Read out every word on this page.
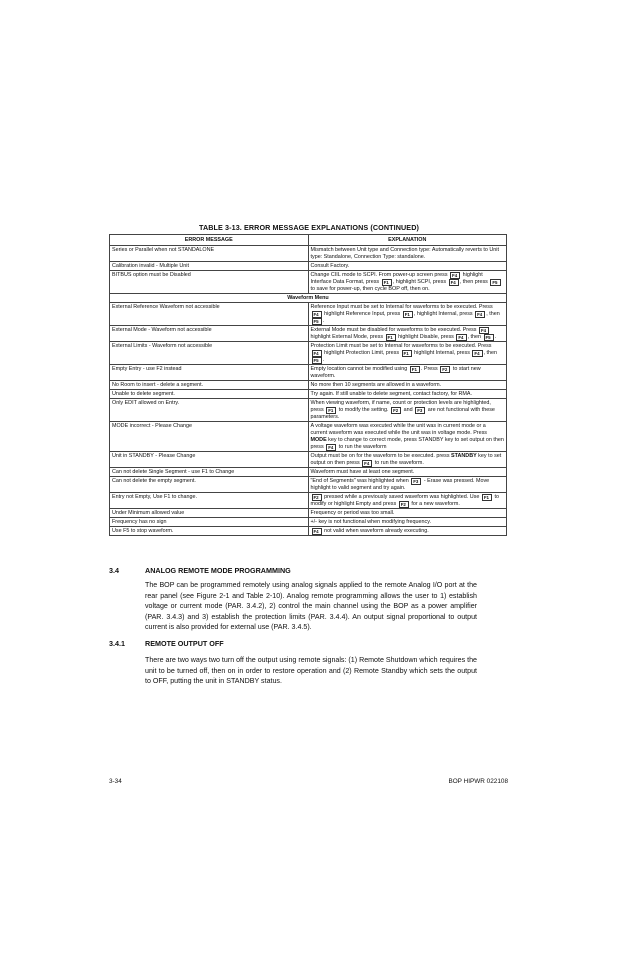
TABLE 3-13. ERROR MESSAGE EXPLANATIONS (CONTINUED)
ERROR MESSAGE	EXPLANATION
Series or Parallel when not STANDALONE	Mismatch between Unit type and Connection type: Automatically reverts to Unit type: Standalone, Connection Type: standalone.
Calibration invalid - Multiple Unit	Consult Factory.
BITBUS option must be Disabled	Change CIIL mode to SCPI. From power-up screen press F4 highlight Interface Data Format, press F1 , highlight SCPI, press F4 , then press F5 to save for power-up, then cycle BOP off, then on.
Waveform Menu	
External Reference Waveform not accessible	Reference Input must be set to Internal for waveforms to be executed. Press F4 highlight Reference Input, press F1 , highlight Internal, press F4 , then F5 .
External Mode - Waveform not accessible	External Mode must be disabled for waveforms to be executed. Press F4 highlight External Mode, press F1 highlight Disable, press F4 , then F5 .
External Limits - Waveform not accessible	Protection Limit must be set to Internal for waveforms to be executed. Press F4 highlight Protection Limit, press F1 highlight Internal, press F4 , then F5 .
Empty Entry - use F2 instead	Empty location cannot be modified using F1 . Press F2 to start new waveform.
No Room to insert - delete a segment.	No more then 10 segments are allowed in a waveform.
Unable to delete segment.	Try again. If still unable to delete segment, contact factory, for RMA.
Only EDIT allowed on Entry.	When viewing waveform, if name, count or protection levels are highlighted, press F1 to modify the setting. F2 and F3 are not functional with these parameters.
MODE incorrect - Please Change	A voltage waveform was executed while the unit was in current mode or a current waveform was executed while the unit was in voltage mode. Press MODE key to change to correct mode, press STANDBY key to set output on then press F4 to run the waveform
Unit in STANDBY - Please Change	Output must be on for the waveform to be executed. press STANDBY key to set output on then press F4 to run the waveform.
Can not delete Single Segment - use F1 to Change	Waveform must have at least one segment.
Can not delete the empty segment.	"End of Segments" was highlighted when F3 - Erase was pressed. Move highlight to valid segment and try again.
Entry not Empty, Use F1 to change.	F2 pressed while a previously saved waveform was highlighted. Use F1 to modify or highlight Empty and press F2 for a new waveform.
Under Minimum allowed value	Frequency or period was too small.
Frequency has no sign	+/- key is not functional when modifying frequency.
Use F5 to stop waveform.	F4 not valid when waveform already executing.
3.4	ANALOG REMOTE MODE PROGRAMMING
The BOP can be programmed remotely using analog signals applied to the remote Analog I/O port at the rear panel (see Figure 2-1 and Table 2-10). Analog remote programming allows the user to 1) establish voltage or current mode (PAR. 3.4.2), 2) control the main channel using the BOP as a power amplifier (PAR. 3.4.3) and 3) establish the protection limits (PAR. 3.4.4). An output signal proportional to output current is also provided for external use (PAR. 3.4.5).
3.4.1	REMOTE OUTPUT OFF
There are two ways two turn off the output using remote signals: (1) Remote Shutdown which requires the unit to be turned off, then on in order to restore operation and (2) Remote Standby which sets the output to OFF, putting the unit in STANDBY status.
3-34	BOP HIPWR 022108
